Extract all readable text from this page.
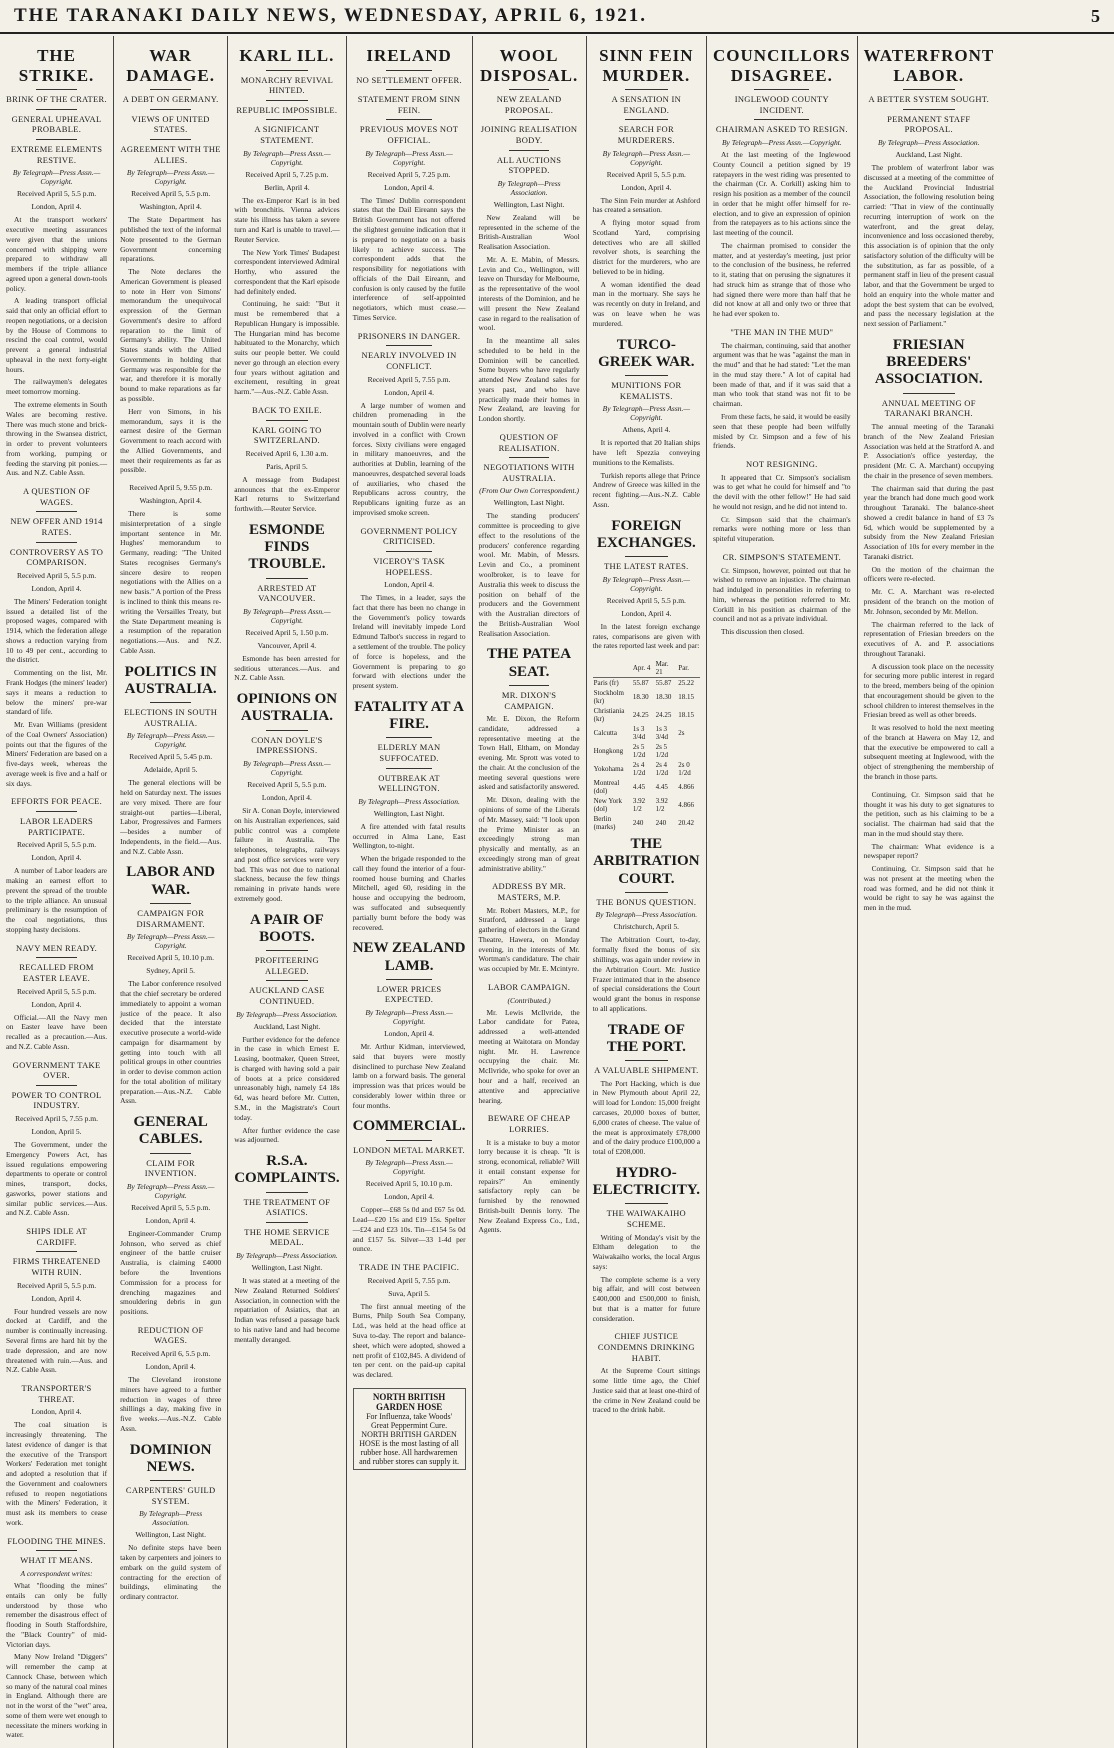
THE TARANAKI DAILY NEWS, WEDNESDAY, APRIL 6, 1921.	5
THE STRIKE.
BRINK OF THE CRATER.
GENERAL UPHEAVAL PROBABLE.
EXTREME ELEMENTS RESTIVE.
By Telegraph—Press Assn.—Copyright.
Received April 5, 5.5 p.m.
London, April 4.

At the transport workers' executive meeting assurances were given that the unions concerned with shipping were prepared to withdraw all members if the triple alliance agreed upon a general down-tools policy.

A leading transport official said that only an official effort to reopen negotiations, or a decision by the House of Commons to rescind the coal control, would prevent a general industrial upheaval in the next forty-eight hours.

The railwaymen's delegates meet tomorrow morning.

The extreme elements in South Wales are becoming restive. There was much stone and brick-throwing in the Swansea district, in order to prevent volunteers from working, pumping or feeding the starving pit ponies.—Aus. and N.Z. Cable Assn.

A QUESTION OF WAGES.
NEW OFFER AND 1914 RATES.
CONTROVERSY AS TO COMPARISON.
Received April 5, 5.5 p.m.
London, April 4.

The Miners' Federation tonight issued a detailed list of the proposed wages, compared with 1914, which the federation allege shows a reduction varying from 10 to 49 per cent., according to the district.

Commenting on the list, Mr. Frank Hodges (the miners' leader) says it means a reduction to below the miners' pre-war standard of life.

Mr. Evan Williams (president of the Coal Owners' Association) points out that the figures of the Miners' Federation are based on a five-days week, whereas the average week is five and a half or six days.

EFFORTS FOR PEACE.
LABOR LEADERS PARTICIPATE.
Received April 5, 5.5 p.m.
London, April 4.

A number of Labor leaders are making an earnest effort to prevent the spread of the trouble to the triple alliance. An unusual preliminary is the resumption of the coal negotiations, thus stopping hasty decisions.

NAVY MEN READY.
RECALLED FROM EASTER LEAVE.
Received April 5, 5.5 p.m.
London, April 4.

Official.—All the Navy men on Easter leave have been recalled as a precaution.—Aus. and N.Z. Cable Assn.

GOVERNMENT TAKE OVER.
POWER TO CONTROL INDUSTRY.
Received April 5, 7.55 p.m.
London, April 5.

The Government, under the Emergency Powers Act, has issued regulations empowering departments to operate or control mines, transport, docks, gasworks, power stations and similar public services.—Aus. and N.Z. Cable Assn.

SHIPS IDLE AT CARDIFF.
FIRMS THREATENED WITH RUIN.
Received April 5, 5.5 p.m.
London, April 4.

Four hundred vessels are now docked at Cardiff, and the number is continually increasing. Several firms are hard hit by the trade depression, and are now threatened with ruin.—Aus. and N.Z. Cable Assn.

TRANSPORTER'S THREAT.
London, April 4.

The coal situation is increasingly threatening. The latest evidence of danger is that the executive of the Transport Workers' Federation met tonight and adopted a resolution that if the Government and coalowners refused to reopen negotiations with the Miners' Federation, it must ask its members to cease work.

FLOODING THE MINES.
WHAT IT MEANS.
A correspondent writes:

What "flooding the mines" entails can only be fully understood by those who remember the disastrous effect of flooding in South Staffordshire, the "Black Country" of mid-Victorian days.

Many Now Ireland "Diggers" will remember the camp at Cannock Chase, between which so many of the natural coal mines in England. Although there are not in the worst of the "wet" area, some of them were wet enough to necessitate the miners working in water.

WAR DAMAGE.
A DEBT ON GERMANY.
VIEWS OF UNITED STATES.
AGREEMENT WITH THE ALLIES.
By Telegraph—Press Assn.—Copyright.
Received April 5, 5.5 p.m.
Washington, April 4.

The State Department has published the text of the informal Note presented to the German Government concerning reparations.

The Note declares the American Government is pleased to note in Herr von Simons' memorandum the unequivocal expression of the German Government's desire to afford reparation to the limit of Germany's ability. The United States stands with the Allied Governments in holding that Germany was responsible for the war, and therefore it is morally bound to make reparations as far as possible.

Herr von Simons, in his memorandum, says it is the earnest desire of the German Government to reach accord with the Allied Governments, and meet their requirements as far as possible.

Received April 5, 9.55 p.m.
Washington, April 4.

There is some misinterpretation of a single important sentence in Mr. Hughes' memorandum to Germany, reading: "The United States recognises Germany's sincere desire to reopen negotiations with the Allies on a new basis." A portion of the Press is inclined to think this means re-writing the Versailles Treaty, but the State Department meaning is a resumption of the reparation negotiations.—Aus. and N.Z. Cable Assn.

POLITICS IN AUSTRALIA.
ELECTIONS IN SOUTH AUSTRALIA.
By Telegraph—Press Assn.—Copyright.
Received April 5, 5.45 p.m.
Adelaide, April 5.

The general elections will be held on Saturday next. The issues are very mixed. There are four straight-out parties—Liberal, Labor, Progressives and Farmers—besides a number of Independents, in the field.—Aus. and N.Z. Cable Assn.

LABOR AND WAR.
CAMPAIGN FOR DISARMAMENT.
By Telegraph—Press Assn.—Copyright.
Received April 5, 10.10 p.m.
Sydney, April 5.

The Labor conference resolved that the chief secretary be ordered immediately to appoint a woman justice of the peace. It also decided that the interstate executive prosecute a world-wide campaign for disarmament by getting into touch with all political groups in other countries in order to devise common action for the total abolition of military preparation.—Aus.-N.Z. Cable Assn.

GENERAL CABLES.
CLAIM FOR INVENTION.
By Telegraph—Press Assn.—Copyright.
Received April 5, 5.5 p.m.
London, April 4.

Engineer-Commander Crump Johnson, who served as chief engineer of the battle cruiser Australia, is claiming £4000 before the Inventions Commission for a process for drenching magazines and smouldering debris in gun positions.

REDUCTION OF WAGES.
Received April 6, 5.5 p.m.
London, April 4.

The Cleveland ironstone miners have agreed to a further reduction in wages of three shillings a day, making five in five weeks.—Aus.-N.Z. Cable Assn.

DOMINION NEWS.
CARPENTERS' GUILD SYSTEM.
By Telegraph—Press Association.
Wellington, Last Night.

No definite steps have been taken by carpenters and joiners to embark on the guild system of contracting for the erection of buildings, eliminating the ordinary contractor.

KARL ILL.
MONARCHY REVIVAL HINTED.
REPUBLIC IMPOSSIBLE.
A SIGNIFICANT STATEMENT.
By Telegraph—Press Assn.—Copyright.
Received April 5, 7.25 p.m.
Berlin, April 4.

The ex-Emperor Karl is in bed with bronchitis. Vienna advices state his illness has taken a severe turn and Karl is unable to travel.—Reuter Service.

The New York Times' Budapest correspondent interviewed Admiral Horthy, who assured the correspondent that the Karl episode had definitely ended.

Continuing, he said: "But it must be remembered that a Republican Hungary is impossible. The Hungarian mind has become habituated to the Monarchy, which suits our people better. We could never go through an election every four years without agitation and excitement, resulting in great harm."—Aus.-N.Z. Cable Assn.

BACK TO EXILE.
KARL GOING TO SWITZERLAND.
Received April 6, 1.30 a.m.
Paris, April 5.

A message from Budapest announces that the ex-Emperor Karl returns to Switzerland forthwith.—Reuter Service.

ESMONDE FINDS TROUBLE.
ARRESTED AT VANCOUVER.
By Telegraph—Press Assn.—Copyright.
Received April 5, 1.50 p.m.
Vancouver, April 4.

Esmonde has been arrested for seditious utterances.—Aus. and N.Z. Cable Assn.

OPINIONS ON AUSTRALIA.
CONAN DOYLE'S IMPRESSIONS.
By Telegraph—Press Assn.—Copyright.
Received April 5, 5.5 p.m.
London, April 4.

Sir A. Conan Doyle, interviewed on his Australian experiences, said public control was a complete failure in Australia. The telephones, telegraphs, railways and post office services were very bad. This was not due to national slackness, because the few things remaining in private hands were extremely good.

A PAIR OF BOOTS.
PROFITEERING ALLEGED.
AUCKLAND CASE CONTINUED.
By Telegraph—Press Association.
Auckland, Last Night.

Further evidence for the defence in the case in which Ernest E. Leasing, bootmaker, Queen Street, is charged with having sold a pair of boots at a price considered unreasonably high, namely £4 18s 6d, was heard before Mr. Cutten, S.M., in the Magistrate's Court today.

After further evidence the case was adjourned.

R.S.A. COMPLAINTS.
THE TREATMENT OF ASIATICS.
THE HOME SERVICE MEDAL.
By Telegraph—Press Association.
Wellington, Last Night.

It was stated at a meeting of the New Zealand Returned Soldiers' Association, in connection with the repatriation of Asiatics, that an Indian was refused a passage back to his native land and had become mentally deranged.

IRELAND
NO SETTLEMENT OFFER.
STATEMENT FROM SINN FEIN.
PREVIOUS MOVES NOT OFFICIAL.
By Telegraph—Press Assn.—Copyright.
Received April 5, 7.25 p.m.
London, April 4.

The Times' Dublin correspondent states that the Dail Eireann says the British Government has not offered the slightest genuine indication that it is prepared to negotiate on a basis likely to achieve success. The correspondent adds that the responsibility for negotiations with officials of the Dail Eireann, and confusion is only caused by the futile interference of self-appointed negotiators, which must cease.—Times Service.

PRISONERS IN DANGER.
NEARLY INVOLVED IN CONFLICT.
Received April 5, 7.55 p.m.
London, April 4.

A large number of women and children promenading in the mountain south of Dublin were nearly involved in a conflict with Crown forces. Sixty civilians were engaged in military manoeuvres, and the authorities at Dublin, learning of the manoeuvres, despatched several loads of auxiliaries, who chased the Republicans across country, the Republicans igniting furze as an improvised smoke screen.

GOVERNMENT POLICY CRITICISED.
VICEROY'S TASK HOPELESS.
London, April 4.

The Times, in a leader, says the fact that there has been no change in the Government's policy towards Ireland will inevitably impede Lord Edmund Talbot's success in regard to a settlement of the trouble. The policy of force is hopeless, and the Government is preparing to go forward with elections under the present system.

FATALITY AT A FIRE.
ELDERLY MAN SUFFOCATED.
OUTBREAK AT WELLINGTON.
By Telegraph—Press Association.
Wellington, Last Night.

A fire attended with fatal results occurred in Alma Lane, East Wellington, to-night.

When the brigade responded to the call they found the interior of a four-roomed house burning and Charles Mitchell, aged 60, residing in the house and occupying the bedroom, was suffocated and subsequently partially burnt before the body was recovered.

NEW ZEALAND LAMB.
LOWER PRICES EXPECTED.
By Telegraph—Press Assn.—Copyright.
London, April 4.

Mr. Arthur Kidman, interviewed, said that buyers were mostly disinclined to purchase New Zealand lamb on a forward basis. The general impression was that prices would be considerably lower within three or four months.

COMMERCIAL.
LONDON METAL MARKET.
By Telegraph—Press Assn.—Copyright.
Received April 5, 10.10 p.m.
London, April 4.

Copper—£68 5s 0d and £67 5s 0d. Lead—£20 15s and £19 15s. Spelter—£24 and £23 10s. Tin—£154 5s 0d and £157 5s. Silver—33 1-4d per ounce.

TRADE IN THE PACIFIC.
Received April 5, 7.55 p.m.
Suva, April 5.

The first annual meeting of the Burns, Philp South Sea Company, Ltd., was held at the head office at Suva to-day. The report and balance-sheet, which were adopted, showed a nett profit of £102,845. A dividend of ten per cent. on the paid-up capital was declared.

NORTH BRITISH GARDEN HOSE
For Influenza, take Woods' Great Peppermint Cure. NORTH BRITISH GARDEN HOSE is the most lasting of all rubber hose. All hardwaremen and rubber stores can supply it.
WOOL DISPOSAL.
NEW ZEALAND PROPOSAL.
JOINING REALISATION BODY.
ALL AUCTIONS STOPPED.
By Telegraph—Press Association.
Wellington, Last Night.

New Zealand will be represented in the scheme of the British-Australian Wool Realisation Association.

Mr. A. E. Mabin, of Messrs. Levin and Co., Wellington, will leave on Thursday for Melbourne, as the representative of the wool interests of the Dominion, and he will present the New Zealand case in regard to the realisation of wool.

In the meantime all sales scheduled to be held in the Dominion will be cancelled. Some buyers who have regularly attended New Zealand sales for years past, and who have practically made their homes in New Zealand, are leaving for London shortly.

QUESTION OF REALISATION.
NEGOTIATIONS WITH AUSTRALIA.
(From Our Own Correspondent.)
Wellington, Last Night.

The standing producers' committee is proceeding to give effect to the resolutions of the producers' conference regarding wool. Mr. Mabin, of Messrs. Levin and Co., a prominent woolbroker, is to leave for Australia this week to discuss the position on behalf of the producers and the Government with the Australian directors of the British-Australian Wool Realisation Association.

THE PATEA SEAT.
MR. DIXON'S CAMPAIGN.

Mr. E. Dixon, the Reform candidate, addressed a representative meeting at the Town Hall, Eltham, on Monday evening. Mr. Sprott was voted to the chair. At the conclusion of the meeting several questions were asked and satisfactorily answered.

Mr. Dixon, dealing with the opinions of some of the Liberals of Mr. Massey, said: "I look upon the Prime Minister as an exceedingly strong man physically and mentally, as an exceedingly strong man of great administrative ability."

ADDRESS BY MR. MASTERS, M.P.

Mr. Robert Masters, M.P., for Stratford, addressed a large gathering of electors in the Grand Theatre, Hawera, on Monday evening, in the interests of Mr. Wortman's candidature. The chair was occupied by Mr. E. Mcintyre.

LABOR CAMPAIGN.
(Contributed.)

Mr. Lewis McIlvride, the Labor candidate for Patea, addressed a well-attended meeting at Waitotara on Monday night. Mr. H. Lawrence occupying the chair. Mr. McIlvride, who spoke for over an hour and a half, received an attentive and appreciative hearing.

BEWARE OF CHEAP LORRIES.

It is a mistake to buy a motor lorry because it is cheap. "It is strong, economical, reliable? Will it entail constant expense for repairs?" An eminently satisfactory reply can be furnished by the renowned British-built Dennis lorry. The New Zealand Express Co., Ltd., Agents.

SINN FEIN MURDER.
A SENSATION IN ENGLAND.
SEARCH FOR MURDERERS.
By Telegraph—Press Assn.—Copyright.
Received April 5, 5.5 p.m.
London, April 4.

The Sinn Fein murder at Ashford has created a sensation.

A flying motor squad from Scotland Yard, comprising detectives who are all skilled revolver shots, is searching the district for the murderers, who are believed to be in hiding.

A woman identified the dead man in the mortuary. She says he was recently on duty in Ireland, and was on leave when he was murdered.

TURCO-GREEK WAR.
MUNITIONS FOR KEMALISTS.
By Telegraph—Press Assn.—Copyright.
Athens, April 4.

It is reported that 20 Italian ships have left Spezzia conveying munitions to the Kemalists.

Turkish reports allege that Prince Andrew of Greece was killed in the recent fighting.—Aus.-N.Z. Cable Assn.

FOREIGN EXCHANGES.
THE LATEST RATES.
By Telegraph—Press Assn.—Copyright.
Received April 5, 5.5 p.m.
London, April 4.

In the latest foreign exchange rates, comparisons are given with the rates reported last week and par:

	Apr. 4	Mar. 21	Par.
Paris (fr)	55.87	55.87	25.22
Stockholm (kr)	18.30	18.30	18.15
Christiania (kr)	24.25	24.25	18.15
Calcutta	1s 3 3/4d	1s 3 3/4d	2s
Hongkong	2s 5 1/2d	2s 5 1/2d	
Yokohama	2s 4 1/2d	2s 4 1/2d	2s 0 1/2d
Montreal (dol)	4.45	4.45	4.866
New York (dol)	3.92 1/2	3.92 1/2	4.866
Berlin (marks)	240	240	20.42
THE ARBITRATION COURT.
THE BONUS QUESTION.
By Telegraph—Press Association.
Christchurch, April 5.

The Arbitration Court, to-day, formally fixed the bonus of six shillings, was again under review in the Arbitration Court. Mr. Justice Frazer intimated that in the absence of special considerations the Court would grant the bonus in response to all applications.

TRADE OF THE PORT.
A VALUABLE SHIPMENT.

The Port Hacking, which is due in New Plymouth about April 22, will load for London: 15,000 freight carcases, 20,000 boxes of butter, 6,000 crates of cheese. The value of the meat is approximately £78,000 and of the dairy produce £100,000 a total of £208,000.

HYDRO-ELECTRICITY.
THE WAIWAKAIHO SCHEME.

Writing of Monday's visit by the Eltham delegation to the Waiwakaiho works, the local Argus says:

The complete scheme is a very big affair, and will cost between £400,000 and £500,000 to finish, but that is a matter for future consideration.

CHIEF JUSTICE CONDEMNS DRINKING HABIT.

At the Supreme Court sittings some little time ago, the Chief Justice said that at least one-third of the crime in New Zealand could be traced to the drink habit.

COUNCILLORS DISAGREE.
INGLEWOOD COUNTY INCIDENT.
CHAIRMAN ASKED TO RESIGN.
By Telegraph—Press Assn.—Copyright.

At the last meeting of the Inglewood County Council a petition signed by 19 ratepayers in the west riding was presented to the chairman (Cr. A. Corkill) asking him to resign his position as a member of the council in order that he might offer himself for re-election, and to give an expression of opinion from the ratepayers as to his actions since the last meeting of the council.

The chairman promised to consider the matter, and at yesterday's meeting, just prior to the conclusion of the business, he referred to it, stating that on perusing the signatures it had struck him as strange that of those who had signed there were more than half that he did not know at all and only two or three that he had ever spoken to.

"THE MAN IN THE MUD"

The chairman, continuing, said that another argument was that he was "against the man in the mud" and that he had stated: "Let the man in the mud stay there." A lot of capital had been made of that, and if it was said that a man who took that stand was not fit to be chairman.

From these facts, he said, it would be easily seen that these people had been wilfully misled by Cr. Simpson and a few of his friends.

NOT RESIGNING.

It appeared that Cr. Simpson's socialism was to get what he could for himself and "to the devil with the other fellow!" He had said he would not resign, and he did not intend to.

Cr. Simpson said that the chairman's remarks were nothing more or less than spiteful vituperation.

CR. SIMPSON'S STATEMENT.

Cr. Simpson, however, pointed out that he wished to remove an injustice. The chairman had indulged in personalities in referring to him, whereas the petition referred to Mr. Corkill in his position as chairman of the council and not as a private individual.

This discussion then closed.

WATERFRONT LABOR.
A BETTER SYSTEM SOUGHT.
PERMANENT STAFF PROPOSAL.
By Telegraph—Press Association.
Auckland, Last Night.

The problem of waterfront labor was discussed at a meeting of the committee of the Auckland Provincial Industrial Association, the following resolution being carried: "That in view of the continually recurring interruption of work on the waterfront, and the great delay, inconvenience and loss occasioned thereby, this association is of opinion that the only satisfactory solution of the difficulty will be the substitution, as far as possible, of a permanent staff in lieu of the present casual labor, and that the Government be urged to hold an enquiry into the whole matter and adopt the best system that can be evolved, and pass the necessary legislation at the next session of Parliament."

FRIESIAN BREEDERS' ASSOCIATION.
ANNUAL MEETING OF TARANAKI BRANCH.

The annual meeting of the Taranaki branch of the New Zealand Friesian Association was held at the Stratford A. and P. Association's office yesterday, the president (Mr. C. A. Marchant) occupying the chair in the presence of seven members.

The chairman said that during the past year the branch had done much good work throughout Taranaki. The balance-sheet showed a credit balance in hand of £3 7s 6d, which would be supplemented by a subsidy from the New Zealand Friesian Association of 10s for every member in the Taranaki district.

On the motion of the chairman the officers were re-elected.

Mr. C. A. Marchant was re-elected president of the branch on the motion of Mr. Johnson, seconded by Mr. Mellon.

The chairman referred to the lack of representation of Friesian breeders on the executives of A. and P. associations throughout Taranaki.

A discussion took place on the necessity for securing more public interest in regard to the breed, members being of the opinion that encouragement should be given to the school children to interest themselves in the Friesian breed as well as other breeds.

It was resolved to hold the next meeting of the branch at Hawera on May 12, and that the executive be empowered to call a subsequent meeting at Inglewood, with the object of strengthening the membership of the branch in those parts.

Continuing, Cr. Simpson said that he thought it was his duty to get signatures to the petition, such as his claiming to be a socialist. The chairman had said that the man in the mud should stay there.

The chairman: What evidence is a newspaper report?

Continuing, Cr. Simpson said that he was not present at the meeting when the road was formed, and he did not think it would be right to say he was against the men in the mud.
